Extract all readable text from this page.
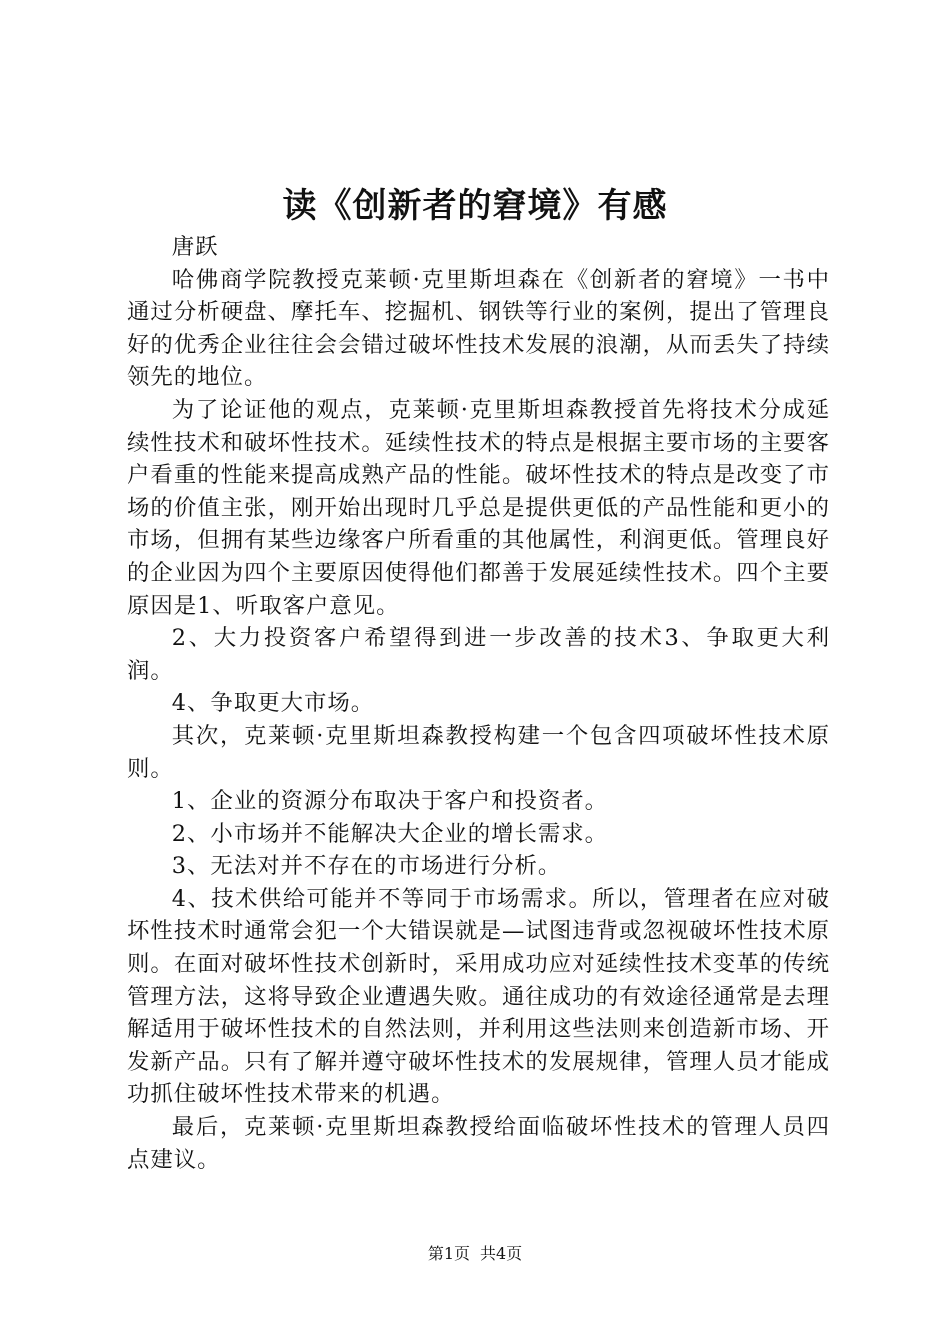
读《创新者的窘境》有感

唐跃

哈佛商学院教授克莱顿·克里斯坦森在《创新者的窘境》一书中通过分析硬盘、摩托车、挖掘机、钢铁等行业的案例，提出了管理良好的优秀企业往往会会错过破坏性技术发展的浪潮，从而丢失了持续领先的地位。

为了论证他的观点，克莱顿·克里斯坦森教授首先将技术分成延续性技术和破坏性技术。延续性技术的特点是根据主要市场的主要客户看重的性能来提高成熟产品的性能。破坏性技术的特点是改变了市场的价值主张，刚开始出现时几乎总是提供更低的产品性能和更小的市场，但拥有某些边缘客户所看重的其他属性，利润更低。管理良好的企业因为四个主要原因使得他们都善于发展延续性技术。四个主要原因是1、听取客户意见。

2、大力投资客户希望得到进一步改善的技术3、争取更大利润。

4、争取更大市场。

其次，克莱顿·克里斯坦森教授构建一个包含四项破坏性技术原则。

1、企业的资源分布取决于客户和投资者。

2、小市场并不能解决大企业的增长需求。

3、无法对并不存在的市场进行分析。

4、技术供给可能并不等同于市场需求。所以，管理者在应对破坏性技术时通常会犯一个大错误就是—试图违背或忽视破坏性技术原则。在面对破坏性技术创新时，采用成功应对延续性技术变革的传统管理方法，这将导致企业遭遇失败。通往成功的有效途径通常是去理解适用于破坏性技术的自然法则，并利用这些法则来创造新市场、开发新产品。只有了解并遵守破坏性技术的发展规律，管理人员才能成功抓住破坏性技术带来的机遇。

最后，克莱顿·克里斯坦森教授给面临破坏性技术的管理人员四点建议。

第1页 共4页
